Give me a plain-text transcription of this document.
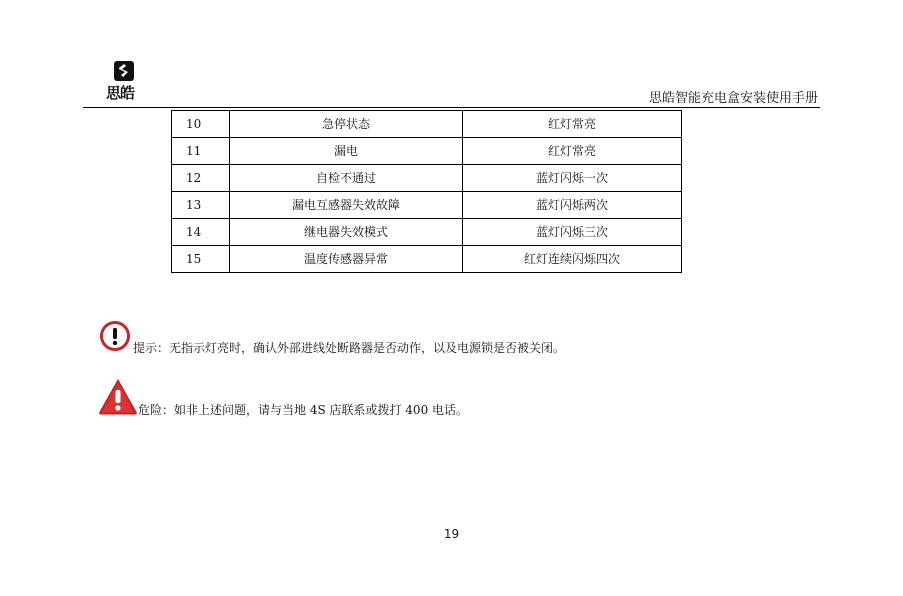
思皓	思皓智能充电盒安装使用手册
10	急停状态	红灯常亮
11	漏电	红灯常亮
12	自检不通过	蓝灯闪烁一次
13	漏电互感器失效故障	蓝灯闪烁两次
14	继电器失效模式	蓝灯闪烁三次
15	温度传感器异常	红灯连续闪烁四次
提示：无指示灯亮时，确认外部进线处断路器是否动作，以及电源锁是否被关闭。
危险：如非上述问题，请与当地 4S 店联系或拨打 400 电话。
19
